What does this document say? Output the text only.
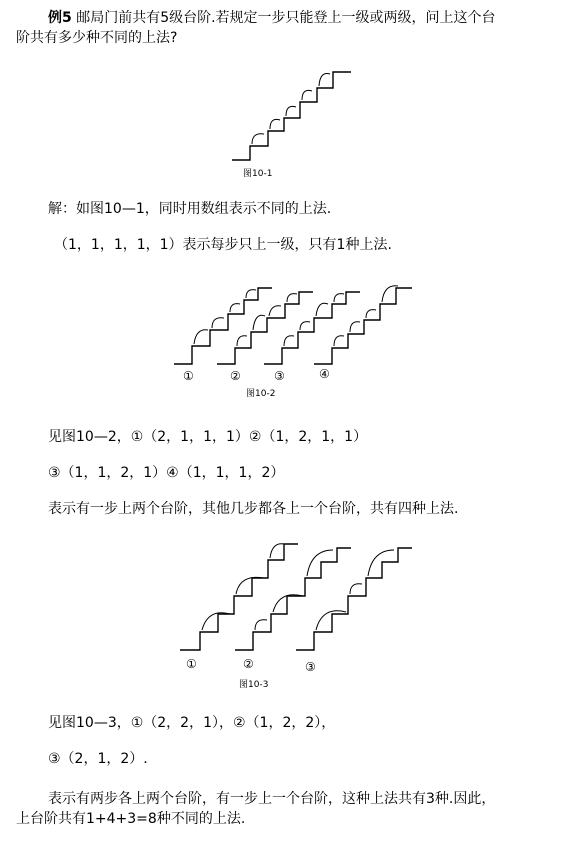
例5 邮局门前共有5级台阶.若规定一步只能登上一级或两级，问上这个台
阶共有多少种不同的上法?
图10-1
解：如图10—1，同时用数组表示不同的上法.
（1，1，1，1，1）表示每步只上一级，只有1种上法.
①	②	③	④
图10-2
见图10—2，①（2，1，1，1）②（1，2，1，1）
③（1，1，2，1）④（1，1，1，2）
表示有一步上两个台阶，其他几步都各上一个台阶，共有四种上法.
①	②	③
图10-3
见图10—3，①（2，2，1），②（1，2，2），
③（2，1，2）.
表示有两步各上两个台阶，有一步上一个台阶，这种上法共有3种.因此，
上台阶共有1+4+3=8种不同的上法.
